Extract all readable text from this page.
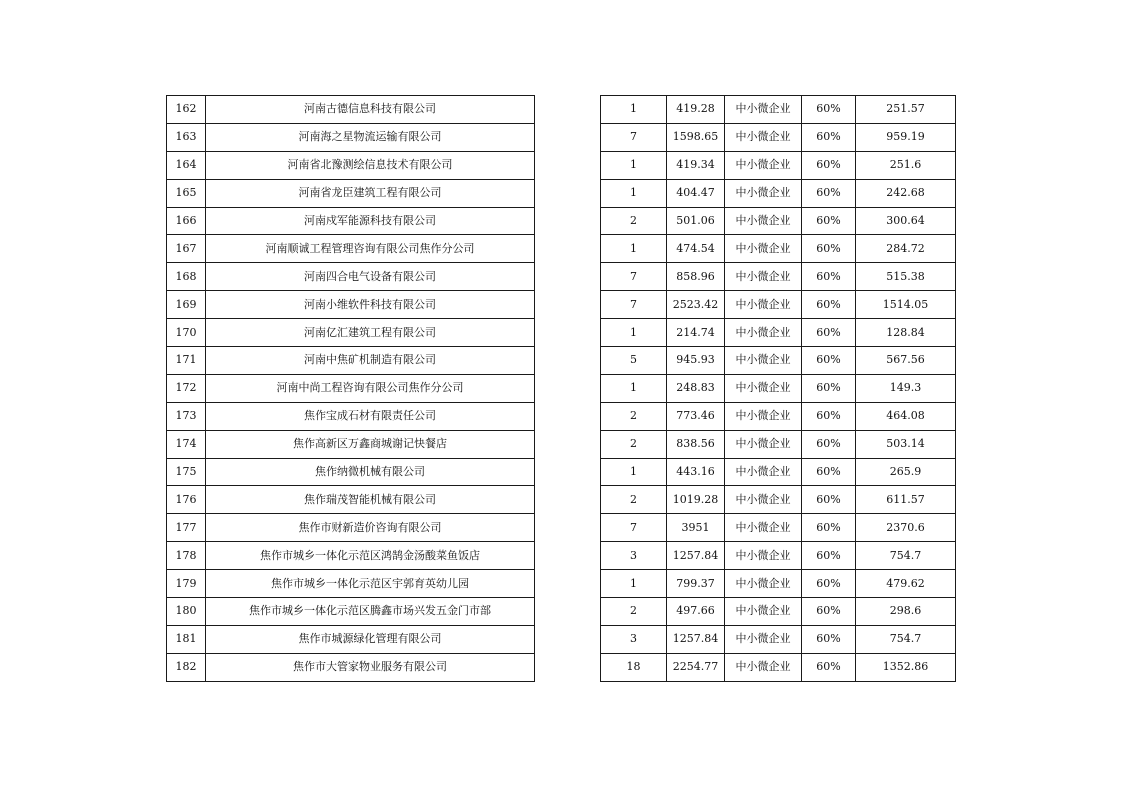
162	河南古德信息科技有限公司		1	419.28	中小微企业	60%	251.57
163	河南海之星物流运输有限公司		7	1598.65	中小微企业	60%	959.19
164	河南省北豫测绘信息技术有限公司		1	419.34	中小微企业	60%	251.6
165	河南省龙臣建筑工程有限公司		1	404.47	中小微企业	60%	242.68
166	河南戍军能源科技有限公司		2	501.06	中小微企业	60%	300.64
167	河南顺诚工程管理咨询有限公司焦作分公司		1	474.54	中小微企业	60%	284.72
168	河南四合电气设备有限公司		7	858.96	中小微企业	60%	515.38
169	河南小维软件科技有限公司		7	2523.42	中小微企业	60%	1514.05
170	河南亿汇建筑工程有限公司		1	214.74	中小微企业	60%	128.84
171	河南中焦矿机制造有限公司		5	945.93	中小微企业	60%	567.56
172	河南中尚工程咨询有限公司焦作分公司		1	248.83	中小微企业	60%	149.3
173	焦作宝成石材有限责任公司		2	773.46	中小微企业	60%	464.08
174	焦作高新区万鑫商城谢记快餐店		2	838.56	中小微企业	60%	503.14
175	焦作纳微机械有限公司		1	443.16	中小微企业	60%	265.9
176	焦作瑞茂智能机械有限公司		2	1019.28	中小微企业	60%	611.57
177	焦作市财新造价咨询有限公司		7	3951	中小微企业	60%	2370.6
178	焦作市城乡一体化示范区鸿鹄金汤酸菜鱼饭店		3	1257.84	中小微企业	60%	754.7
179	焦作市城乡一体化示范区宇郭育英幼儿园		1	799.37	中小微企业	60%	479.62
180	焦作市城乡一体化示范区腾鑫市场兴发五金门市部		2	497.66	中小微企业	60%	298.6
181	焦作市城源绿化管理有限公司		3	1257.84	中小微企业	60%	754.7
182	焦作市大管家物业服务有限公司		18	2254.77	中小微企业	60%	1352.86
